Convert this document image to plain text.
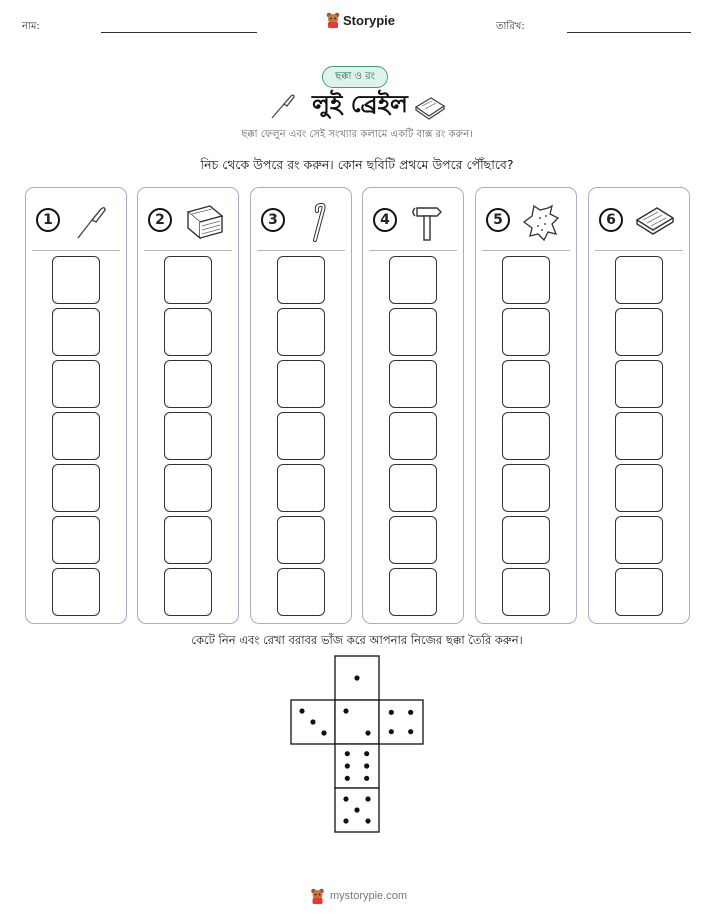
নাম:	Storypie	তারিখ:
ছক্কা ও রং
লুই ব্রেইল
ছক্কা ফেলুন এবং সেই সংখ্যার কলামে একটি বাক্স রং করুন।
নিচ থেকে উপরে রং করুন। কোন ছবিটি প্রথমে উপরে পৌঁছাবে?
1	2	3	4	5	6
কেটে নিন এবং রেখা বরাবর ভাঁজ করে আপনার নিজের ছক্কা তৈরি করুন।
mystorypie.com
